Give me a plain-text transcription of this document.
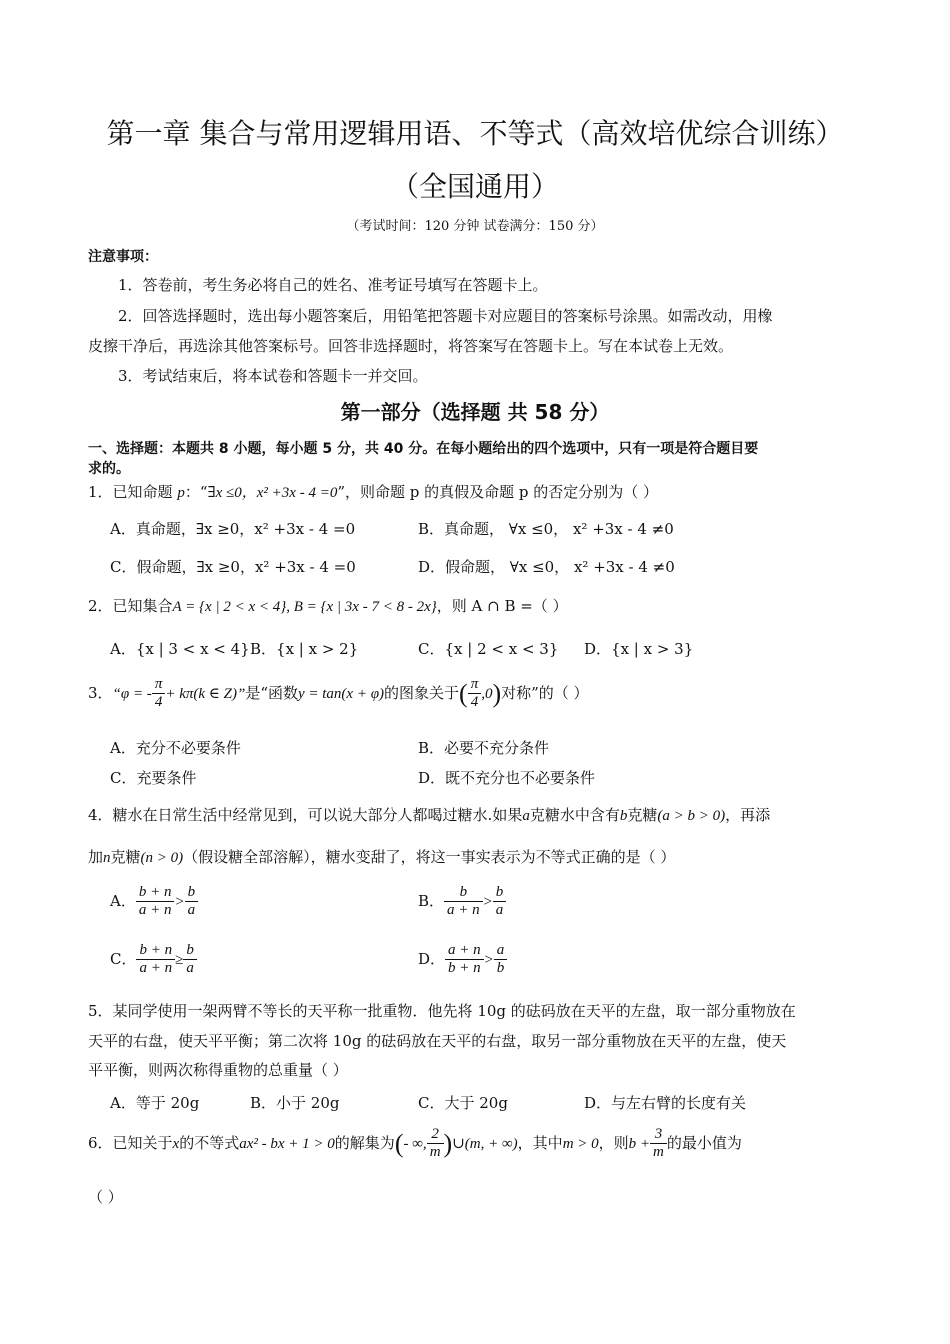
第一章 集合与常用逻辑用语、不等式（高效培优综合训练）
（全国通用）
（考试时间：120 分钟 试卷满分：150 分）
注意事项：
1．答卷前，考生务必将自己的姓名、准考证号填写在答题卡上。
2．回答选择题时，选出每小题答案后，用铅笔把答题卡对应题目的答案标号涂黑。如需改动，用橡
皮擦干净后，再选涂其他答案标号。回答非选择题时，将答案写在答题卡上。写在本试卷上无效。
3．考试结束后，将本试卷和答题卡一并交回。
第一部分（选择题 共 58 分）
一、选择题：本题共 8 小题，每小题 5 分，共 40 分。在每小题给出的四个选项中，只有一项是符合题目要
求的。
1．已知命题 p：“∃x ≤0，x² +3x - 4 =0”，则命题 p 的真假及命题 p 的否定分别为（ ）
A．真命题，∃x ≥0，x² +3x - 4 =0	B．真命题， ∀x ≤0， x² +3x - 4 ≠0
C．假命题，∃x ≥0，x² +3x - 4 =0	D．假命题， ∀x ≤0， x² +3x - 4 ≠0
2．已知集合A = {x | 2 < x < 4}, B = {x | 3x - 7 < 8 - 2x}，则 A ∩ B =（ ）
A．{x | 3 < x < 4} B．{x | x > 2}	C．{x | 2 < x < 3} D．{x | x > 3}
3．“φ = - $\frac{\pi}{4} + k\pi(k$ ∈ Z)”是“函数y = tan(x + φ)的图象关于( $\frac{\pi}{4} ,0$)对称”的（ ）
A．充分不必要条件	B．必要不充分条件
C．充要条件	D．既不充分也不必要条件
4．糖水在日常生活中经常见到，可以说大部分人都喝过糖水.如果a克糖水中含有b克糖(a > b > 0)，再添
加n克糖(n > 0)（假设糖全部溶解），糖水变甜了，将这一事实表示为不等式正确的是（ ）
A． $\frac{b + n}{a + n} > \frac{b}{a}$	B． $\frac{b}{a + n} > \frac{b}{a}$
C． $\frac{b + n}{a + n} \ge \frac{b}{a}$	D． $\frac{a + n}{b + n} > \frac{a}{b}$
5．某同学使用一架两臂不等长的天平称一批重物．他先将 10g 的砝码放在天平的左盘，取一部分重物放在
天平的右盘，使天平平衡；第二次将 10g 的砝码放在天平的右盘，取另一部分重物放在天平的左盘，使天
平平衡，则两次称得重物的总重量（ ）
A．等于 20g	B．小于 20g	C．大于 20g	D．与左右臂的长度有关
6．已知关于x的不等式ax² - bx + 1 > 0的解集为(- ∞, $\frac{2}{m}$ )∪(m, + ∞)，其中m > 0，则$b + \frac{3}{m}$ 的最小值为
（ ）
